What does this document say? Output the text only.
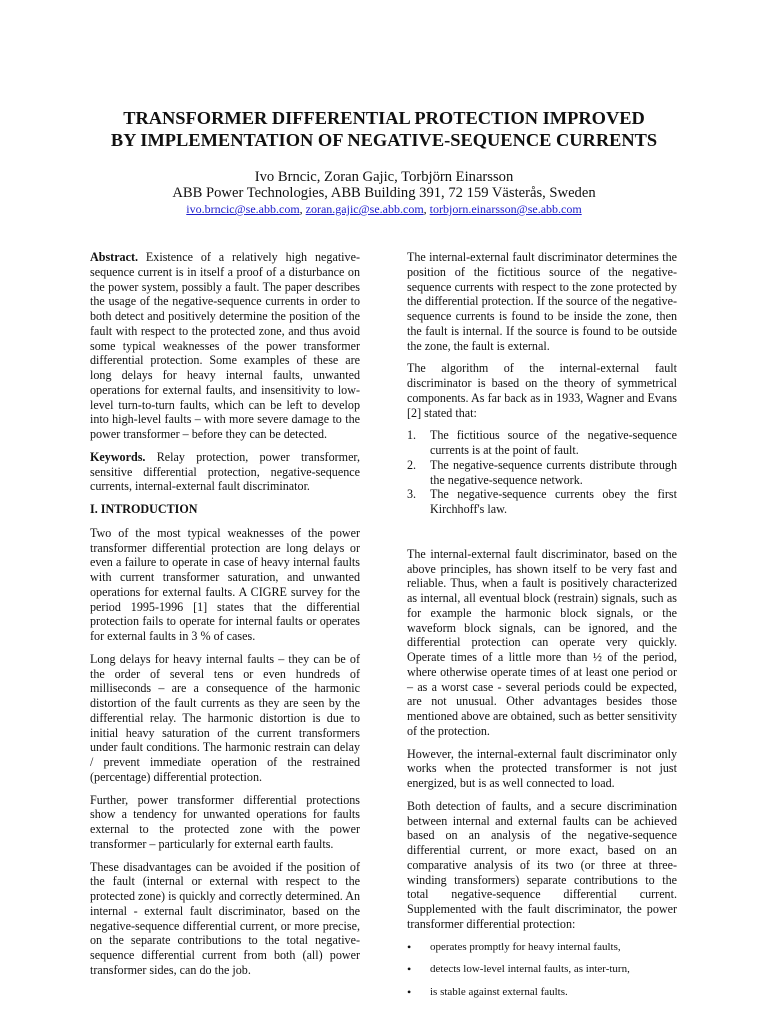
TRANSFORMER DIFFERENTIAL PROTECTION IMPROVED
BY IMPLEMENTATION OF NEGATIVE-SEQUENCE CURRENTS
Ivo Brncic, Zoran Gajic, Torbjörn Einarsson
ABB Power Technologies, ABB Building 391, 72 159 Västerås, Sweden
ivo.brncic@se.abb.com, zoran.gajic@se.abb.com, torbjorn.einarsson@se.abb.com

Abstract. Existence of a relatively high negative-sequence current is in itself a proof of a disturbance on the power system, possibly a fault. The paper describes the usage of the negative-sequence currents in order to both detect and positively determine the position of the fault with respect to the protected zone, and thus avoid some typical weaknesses of the power transformer differential protection. Some examples of these are long delays for heavy internal faults, unwanted operations for external faults, and insensitivity to low-level turn-to-turn faults, which can be left to develop into high-level faults – with more severe damage to the power transformer – before they can be detected.

Keywords. Relay protection, power transformer, sensitive differential protection, negative-sequence currents, internal-external fault discriminator.

I. INTRODUCTION

Two of the most typical weaknesses of the power transformer differential protection are long delays or even a failure to operate in case of heavy internal faults with current transformer saturation, and unwanted operations for external faults. A CIGRE survey for the period 1995-1996 [1] states that the differential protection fails to operate for internal faults or operates for external faults in 3 % of cases.

Long delays for heavy internal faults – they can be of the order of several tens or even hundreds of milliseconds – are a consequence of the harmonic distortion of the fault currents as they are seen by the differential relay. The harmonic distortion is due to initial heavy saturation of the current transformers under fault conditions. The harmonic restrain can delay / prevent immediate operation of the restrained (percentage) differential protection.

Further, power transformer differential protections show a tendency for unwanted operations for faults external to the protected zone with the power transformer – particularly for external earth faults.

These disadvantages can be avoided if the position of the fault (internal or external with respect to the protected zone) is quickly and correctly determined. An internal - external fault discriminator, based on the negative-sequence differential current, or more precise, on the separate contributions to the total negative-sequence differential current from both (all) power transformer sides, can do the job.

The internal-external fault discriminator determines the position of the fictitious source of the negative-sequence currents with respect to the zone protected by the differential protection. If the source of the negative-sequence currents is found to be inside the zone, then the fault is internal. If the source is found to be outside the zone, the fault is external.

The algorithm of the internal-external fault discriminator is based on the theory of symmetrical components. As far back as in 1933, Wagner and Evans [2] stated that:

1. The fictitious source of the negative-sequence currents is at the point of fault.
2. The negative-sequence currents distribute through the negative-sequence network.
3. The negative-sequence currents obey the first Kirchhoff's law.

The internal-external fault discriminator, based on the above principles, has shown itself to be very fast and reliable. Thus, when a fault is positively characterized as internal, all eventual block (restrain) signals, such as for example the harmonic block signals, or the waveform block signals, can be ignored, and the differential protection can operate very quickly. Operate times of a little more than ½ of the period, where otherwise operate times of at least one period or – as a worst case - several periods could be expected, are not unusual. Other advantages besides those mentioned above are obtained, such as better sensitivity of the protection.

However, the internal-external fault discriminator only works when the protected transformer is not just energized, but is as well connected to load.

Both detection of faults, and a secure discrimination between internal and external faults can be achieved based on an analysis of the negative-sequence differential current, or more exact, based on an comparative analysis of its two (or three at three-winding transformers) separate contributions to the total negative-sequence differential current. Supplemented with the fault discriminator, the power transformer differential protection:

• operates promptly for heavy internal faults,
• detects low-level internal faults, as inter-turn,
• is stable against external faults.
